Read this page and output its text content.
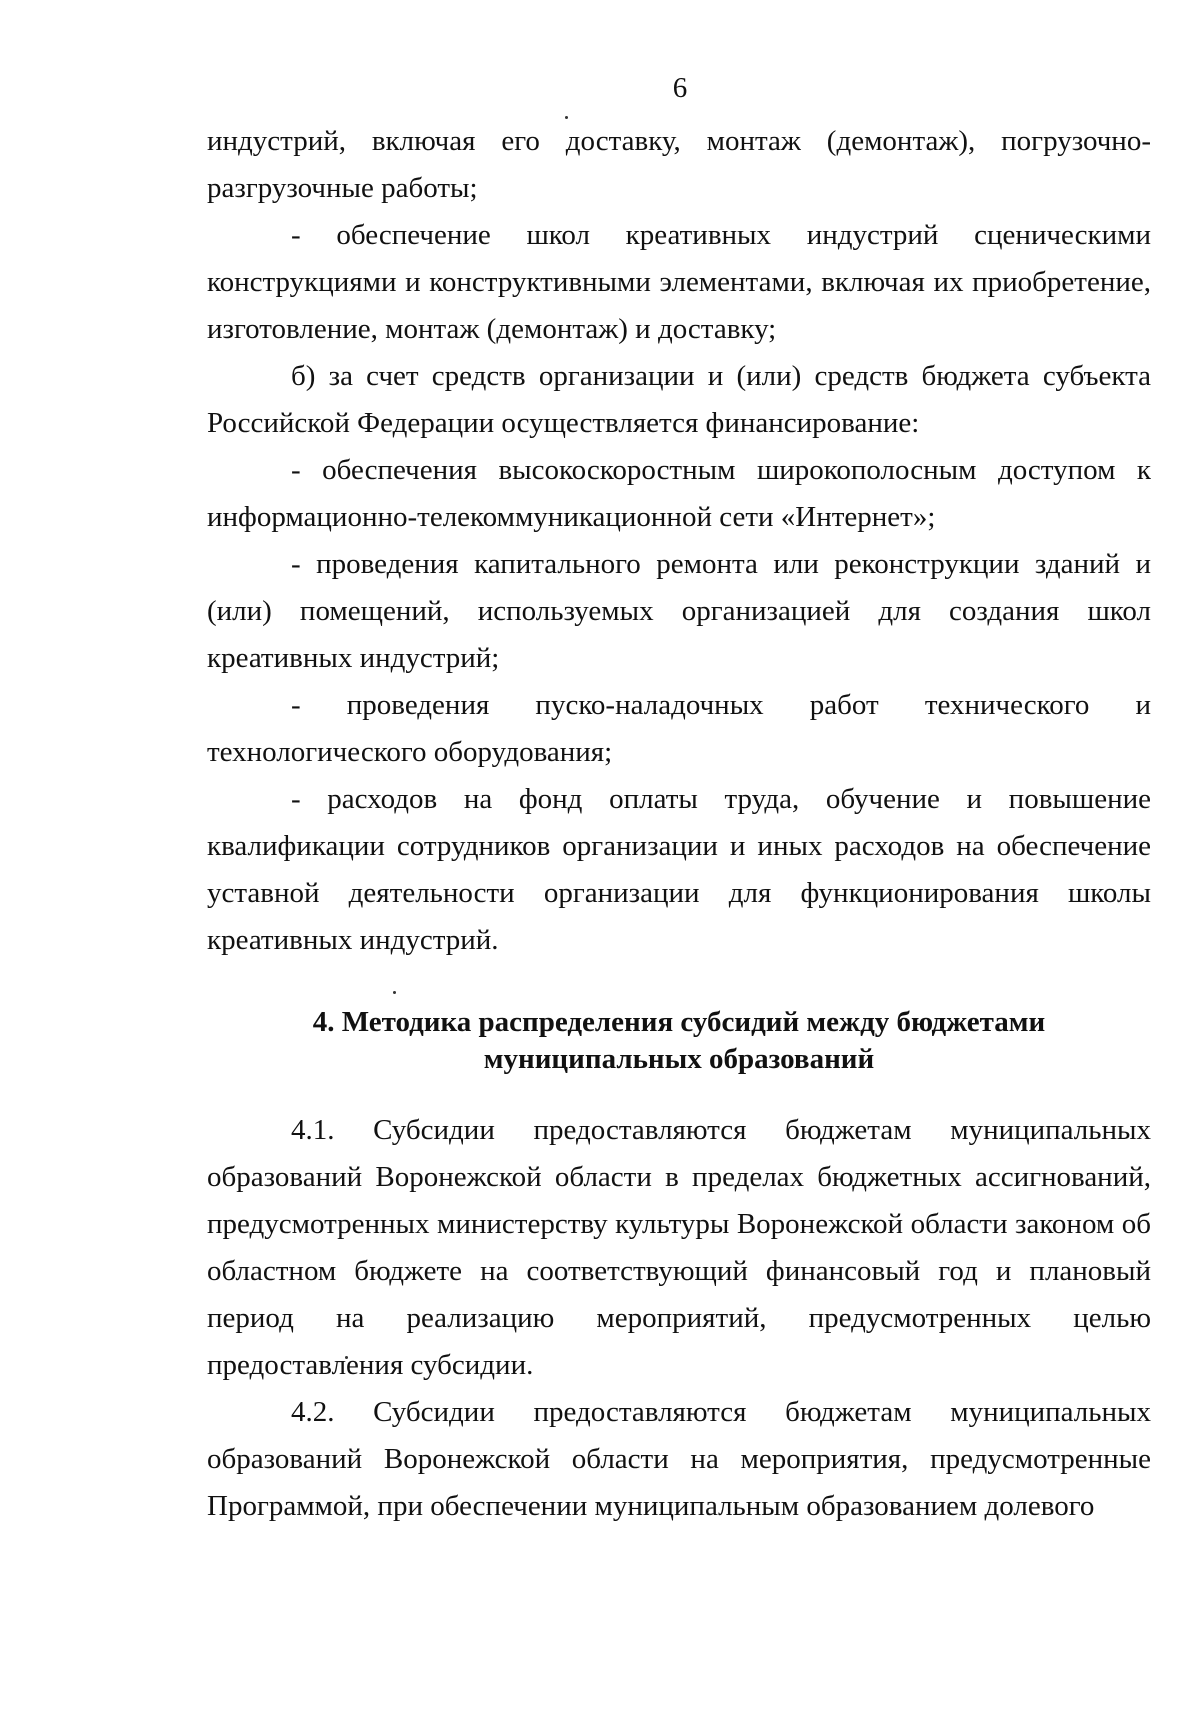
6

индустрий, включая его доставку, монтаж (демонтаж), погрузочно-разгрузочные работы;

- обеспечение школ креативных индустрий сценическими конструкциями и конструктивными элементами, включая их приобретение, изготовление, монтаж (демонтаж) и доставку;

б) за счет средств организации и (или) средств бюджета субъекта Российской Федерации осуществляется финансирование:

- обеспечения высокоскоростным широкополосным доступом к информационно-телекоммуникационной сети «Интернет»;

- проведения капитального ремонта или реконструкции зданий и (или) помещений, используемых организацией для создания школ креативных индустрий;

- проведения пуско-наладочных работ технического и технологического оборудования;

- расходов на фонд оплаты труда, обучение и повышение квалификации сотрудников организации и иных расходов на обеспечение уставной деятельности организации для функционирования школы креативных индустрий.

4. Методика распределения субсидий между бюджетами

муниципальных образований

4.1. Субсидии предоставляются бюджетам муниципальных образований Воронежской области в пределах бюджетных ассигнований, предусмотренных министерству культуры Воронежской области законом об областном бюджете на соответствующий финансовый год и плановый период на реализацию мероприятий, предусмотренных целью предоставления субсидии.

4.2. Субсидии предоставляются бюджетам муниципальных образований Воронежской области на мероприятия, предусмотренные Программой, при обеспечении муниципальным образованием долевого
